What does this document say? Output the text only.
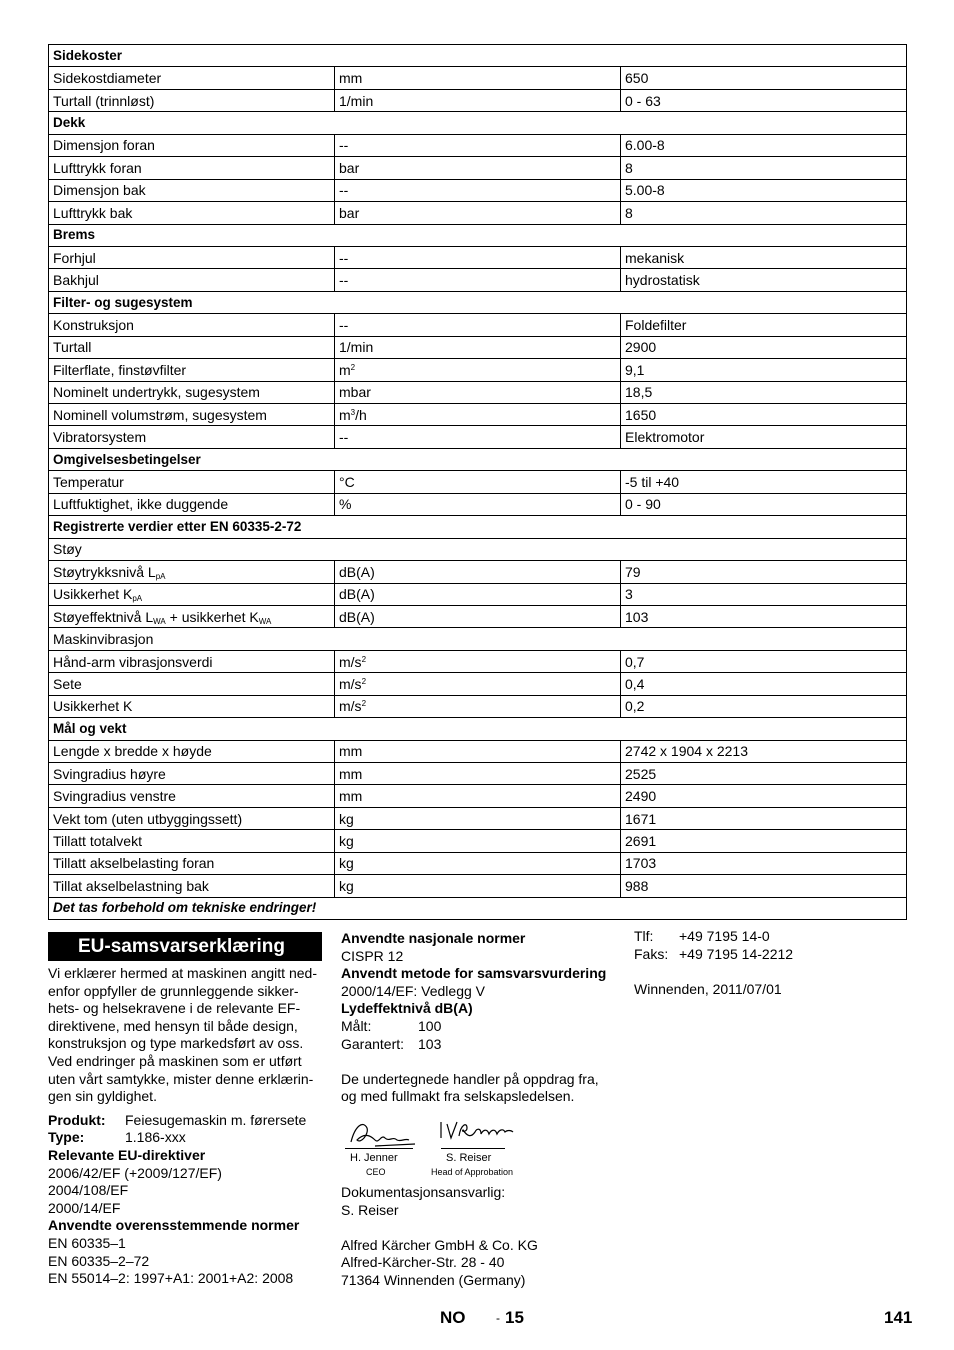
Sidekoster		
Sidekostdiameter	mm	650
Turtall (trinnløst)	1/min	0 - 63
Dekk		
Dimensjon foran	--	6.00-8
Lufttrykk foran	bar	8
Dimensjon bak	--	5.00-8
Lufttrykk bak	bar	8
Brems		
Forhjul	--	mekanisk
Bakhjul	--	hydrostatisk
Filter- og sugesystem		
Konstruksjon	--	Foldefilter
Turtall	1/min	2900
Filterflate, finstøvfilter	$m^2$	9,1
Nominelt undertrykk, sugesystem	mbar	18,5
Nominell volumstrøm, sugesystem	$m^3/h$	1650
Vibratorsystem	--	Elektromotor
Omgivelsesbetingelser		
Temperatur	°C	-5 til +40
Luftfuktighet, ikke duggende	%	0 - 90
Registrerte verdier etter EN 60335-2-72		
Støy		
Støytrykksnivå $L_{pA}$	dB(A)	79
Usikkerhet $K_{pA}$	dB(A)	3
Støyeffektnivå $L_{WA}$ + usikkerhet $K_{WA}$	dB(A)	103
Maskinvibrasjon		
Hånd-arm vibrasjonsverdi	$m/s^2$	0,7
Sete	$m/s^2$	0,4
Usikkerhet K	$m/s^2$	0,2
Mål og vekt		
Lengde x bredde x høyde	mm	2742 x 1904 x 2213
Svingradius høyre	mm	2525
Svingradius venstre	mm	2490
Vekt tom (uten utbyggingssett)	kg	1671
Tillatt totalvekt	kg	2691
Tillatt akselbelasting foran	kg	1703
Tillat akselbelastning bak	kg	988
Det tas forbehold om tekniske endringer!		
EU-samsvarserklæring
Vi erklærer hermed at maskinen angitt ned-
enfor oppfyller de grunnleggende sikker-
hets- og helsekravene i de relevante EF-
direktivene, med hensyn til både design,
konstruksjon og type markedsført av oss.
Ved endringer på maskinen som er utført
uten vårt samtykke, mister denne erklærin-
gen sin gyldighet.
Produkt: Feiesugemaskin m. førersete
Type:	1.186-xxx
Relevante EU-direktiver
2006/42/EF (+2009/127/EF)
2004/108/EF
2000/14/EF
Anvendte overensstemmende normer
EN 60335–1
EN 60335–2–72
EN 55014–2: 1997+A1: 2001+A2: 2008
Anvendte nasjonale normer
CISPR 12
Anvendt metode for samsvarsvurdering
2000/14/EF: Vedlegg V
Lydeffektnivå dB(A)
Målt:	100
Garantert: 103
De undertegnede handler på oppdrag fra, og med fullmakt fra selskapsledelsen.
H. Jenner
CEO
S. Reiser
Head of Approbation
Dokumentasjonsansvarlig:
S. Reiser
Alfred Kärcher GmbH & Co. KG
Alfred-Kärcher-Str. 28 - 40
71364 Winnenden (Germany)
Tlf: +49 7195 14-0
Faks: +49 7195 14-2212
Winnenden, 2011/07/01
NO	- 15	141
